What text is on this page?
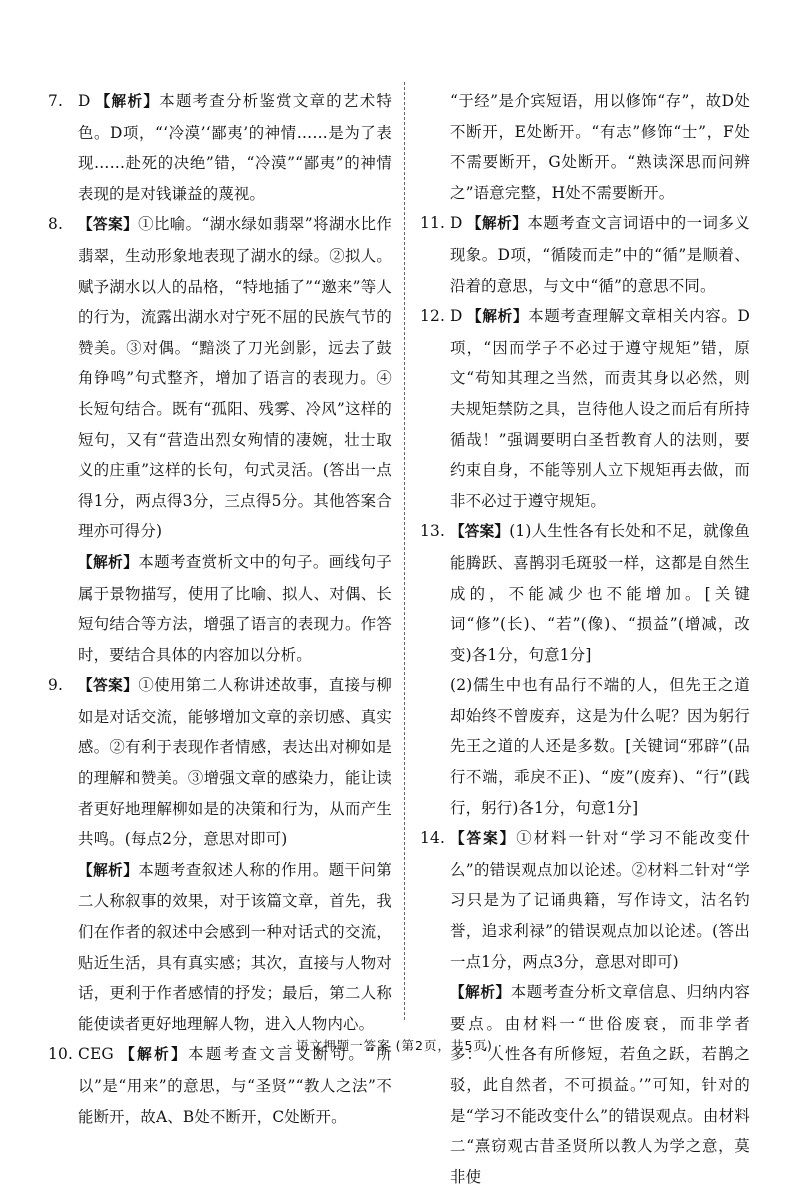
7. D 【解析】本题考查分析鉴赏文章的艺术特色。D项，“‘冷漠’‘鄙夷’的神情……是为了表现……赴死的决绝”错，“冷漠”“鄙夷”的神情表现的是对钱谦益的蔑视。
8. 【答案】①比喻。“湖水绿如翡翠”将湖水比作翡翠，生动形象地表现了湖水的绿。②拟人。赋予湖水以人的品格，“特地插了”“邀来”等人的行为，流露出湖水对宁死不屈的民族气节的赞美。③对偶。“黯淡了刀光剑影，远去了鼓角铮鸣”句式整齐，增加了语言的表现力。④长短句结合。既有“孤阳、残雾、冷风”这样的短句，又有“营造出烈女殉情的凄婉，壮士取义的庄重”这样的长句，句式灵活。(答出一点得1分，两点得3分，三点得5分。其他答案合理亦可得分)
【解析】本题考查赏析文中的句子。画线句子属于景物描写，使用了比喻、拟人、对偶、长短句结合等方法，增强了语言的表现力。作答时，要结合具体的内容加以分析。
9. 【答案】①使用第二人称讲述故事，直接与柳如是对话交流，能够增加文章的亲切感、真实感。②有利于表现作者情感，表达出对柳如是的理解和赞美。③增强文章的感染力，能让读者更好地理解柳如是的决策和行为，从而产生共鸣。(每点2分，意思对即可)
【解析】本题考查叙述人称的作用。题干问第二人称叙事的效果，对于该篇文章，首先，我们在作者的叙述中会感到一种对话式的交流，贴近生活，具有真实感；其次，直接与人物对话，更利于作者感情的抒发；最后，第二人称能使读者更好地理解人物，进入人物内心。
10. CEG 【解析】本题考查文言文断句。“所以”是“用来”的意思，与“圣贤”“教人之法”不能断开，故A、B处不断开，C处断开。
“于经”是介宾短语，用以修饰“存”，故D处不断开，E处断开。“有志”修饰“士”，F处不需要断开，G处断开。“熟读深思而问辨之”语意完整，H处不需要断开。
11. D 【解析】本题考查文言词语中的一词多义现象。D项，“循陵而走”中的“循”是顺着、沿着的意思，与文中“循”的意思不同。
12. D 【解析】本题考查理解文章相关内容。D项，“因而学子不必过于遵守规矩”错，原文“苟知其理之当然，而责其身以必然，则夫规矩禁防之具，岂待他人设之而后有所持循哉！”强调要明白圣哲教育人的法则，要约束自身，不能等别人立下规矩再去做，而非不必过于遵守规矩。
13. 【答案】(1)人生性各有长处和不足，就像鱼能腾跃、喜鹊羽毛斑驳一样，这都是自然生成的，不能减少也不能增加。[关键词“修”(长)、“若”(像)、“损益”(增减，改变)各1分，句意1分]
(2)儒生中也有品行不端的人，但先王之道却始终不曾废弃，这是为什么呢？因为躬行先王之道的人还是多数。[关键词“邪辟”(品行不端，乖戾不正)、“废”(废弃)、“行”(践行，躬行)各1分，句意1分]
14. 【答案】①材料一针对“学习不能改变什么”的错误观点加以论述。②材料二针对“学习只是为了记诵典籍，写作诗文，沽名钓誉，追求利禄”的错误观点加以论述。(答出一点1分，两点3分，意思对即可)
【解析】本题考查分析文章信息、归纳内容要点。由材料一“世俗废衰，而非学者多：‘人性各有所修短，若鱼之跃，若鹊之驳，此自然者，不可损益。’”可知，针对的是“学习不能改变什么”的错误观点。由材料二“熹窃观古昔圣贤所以教人为学之意，莫非使
· 语文押题一答案 (第2页，共5页) ·
